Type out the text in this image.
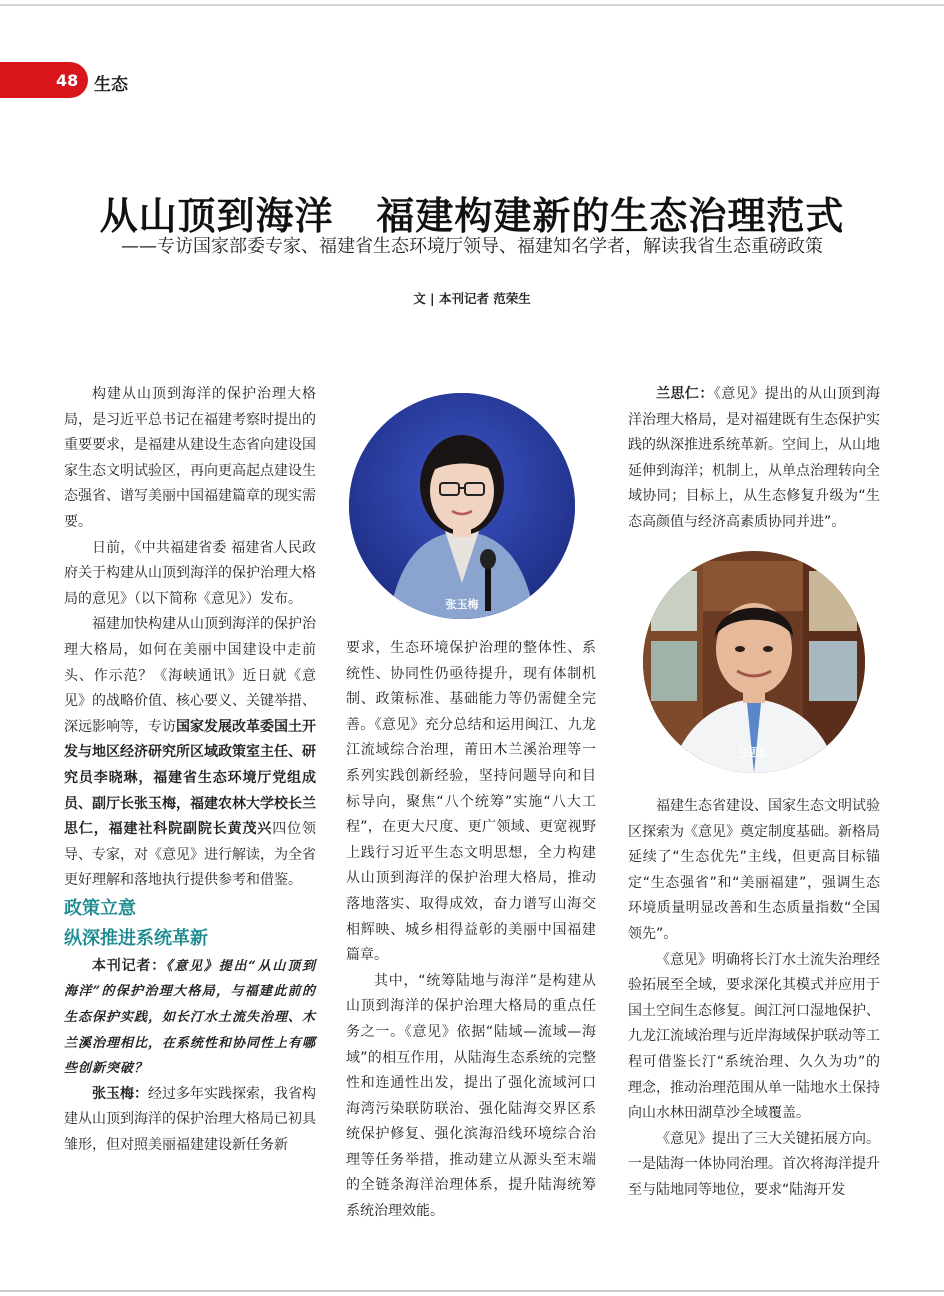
48 生态
从山顶到海洋   福建构建新的生态治理范式
——专访国家部委专家、福建省生态环境厅领导、福建知名学者，解读我省生态重磅政策
文 | 本刊记者 范荣生

构建从山顶到海洋的保护治理大格局，是习近平总书记在福建考察时提出的重要要求，是福建从建设生态省向建设国家生态文明试验区，再向更高起点建设生态强省、谱写美丽中国福建篇章的现实需要。

日前，《中共福建省委 福建省人民政府关于构建从山顶到海洋的保护治理大格局的意见》（以下简称《意见》）发布。

福建加快构建从山顶到海洋的保护治理大格局，如何在美丽中国建设中走前头、作示范？《海峡通讯》近日就《意见》的战略价值、核心要义、关键举措、深远影响等，专访国家发展改革委国土开发与地区经济研究所区域政策室主任、研究员李晓琳，福建省生态环境厅党组成员、副厅长张玉梅，福建农林大学校长兰思仁，福建社科院副院长黄茂兴四位领导、专家，对《意见》进行解读，为全省更好理解和落地执行提供参考和借鉴。

政策立意

纵深推进系统革新

本刊记者：《意见》提出“从山顶到海洋”的保护治理大格局，与福建此前的生态保护实践，如长汀水土流失治理、木兰溪治理相比，在系统性和协同性上有哪些创新突破？

张玉梅：经过多年实践探索，我省构建从山顶到海洋的保护治理大格局已初具雏形，但对照美丽福建建设新任务新

张玉梅

要求，生态环境保护治理的整体性、系统性、协同性仍亟待提升，现有体制机制、政策标准、基础能力等仍需健全完善。《意见》充分总结和运用闽江、九龙江流域综合治理，莆田木兰溪治理等一系列实践创新经验，坚持问题导向和目标导向，聚焦“八个统筹”实施“八大工程”，在更大尺度、更广领域、更宽视野上践行习近平生态文明思想，全力构建从山顶到海洋的保护治理大格局，推动落地落实、取得成效，奋力谱写山海交相辉映、城乡相得益彰的美丽中国福建篇章。

其中，“统筹陆地与海洋”是构建从山顶到海洋的保护治理大格局的重点任务之一。《意见》依据“陆域—流域—海域”的相互作用，从陆海生态系统的完整性和连通性出发，提出了强化流域河口海湾污染联防联治、强化陆海交界区系统保护修复、强化滨海沿线环境综合治理等任务举措，推动建立从源头至末端的全链条海洋治理体系，提升陆海统筹系统治理效能。

兰思仁：《意见》提出的从山顶到海洋治理大格局，是对福建既有生态保护实践的纵深推进系统革新。空间上，从山地延伸到海洋；机制上，从单点治理转向全域协同；目标上，从生态修复升级为“生态高颜值与经济高素质协同并进”。

兰思仁

福建生态省建设、国家生态文明试验区探索为《意见》奠定制度基础。新格局延续了“生态优先”主线，但更高目标锚定“生态强省”和“美丽福建”，强调生态环境质量明显改善和生态质量指数“全国领先”。

《意见》明确将长汀水土流失治理经验拓展至全域，要求深化其模式并应用于国土空间生态修复。闽江河口湿地保护、九龙江流域治理与近岸海域保护联动等工程可借鉴长汀“系统治理、久久为功”的理念，推动治理范围从单一陆地水土保持向山水林田湖草沙全域覆盖。

《意见》提出了三大关键拓展方向。一是陆海一体协同治理。首次将海洋提升至与陆地同等地位，要求“陆海开发
